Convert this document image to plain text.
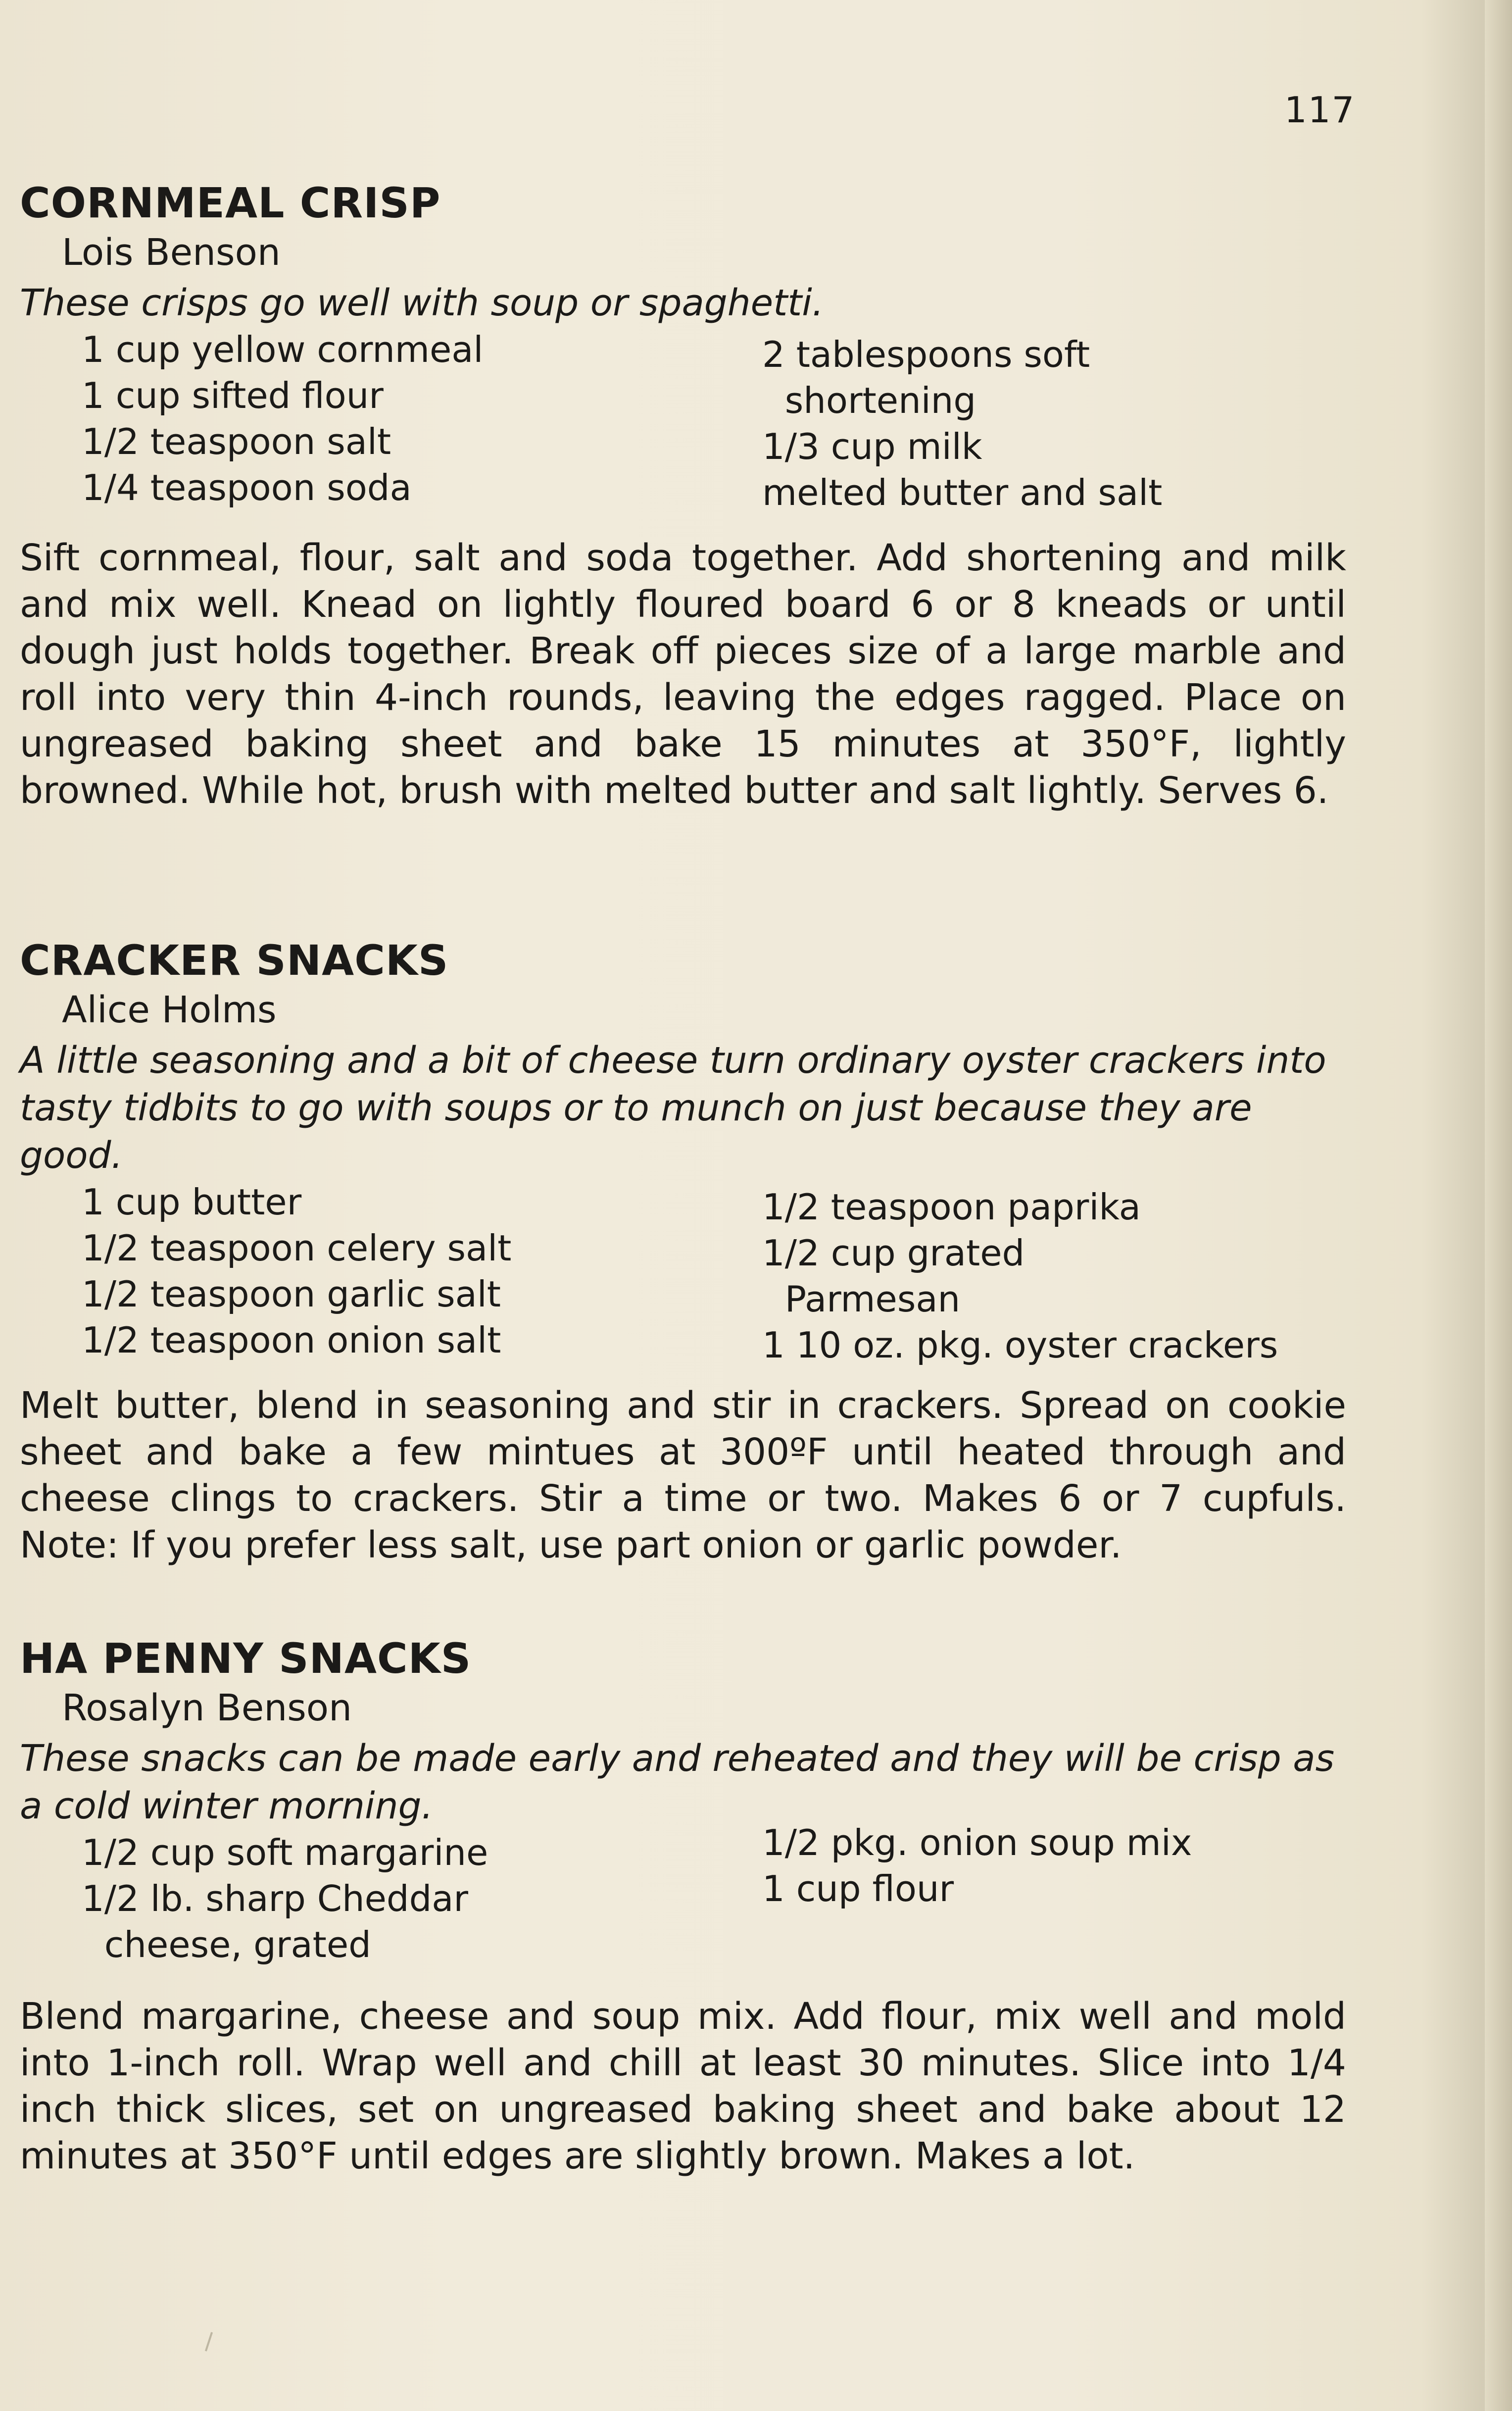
117
CORNMEAL CRISP
Lois Benson
These crisps go well with soup or spaghetti.
1 cup yellow cornmeal
1 cup sifted flour
1/2 teaspoon salt
1/4 teaspoon soda
2 tablespoons soft
shortening
1/3 cup milk
melted butter and salt
Sift cornmeal, flour, salt and soda together. Add shortening and milk and mix well. Knead on lightly floured board 6 or 8 kneads or until dough just holds together. Break off pieces size of a large marble and roll into very thin 4-inch rounds, leaving the edges ragged. Place on ungreased baking sheet and bake 15 minutes at 350°F, lightly browned. While hot, brush with melted butter and salt lightly. Serves 6.
CRACKER SNACKS
Alice Holms
A little seasoning and a bit of cheese turn ordinary oyster crackers into tasty tidbits to go with soups or to munch on just because they are good.
1 cup butter
1/2 teaspoon celery salt
1/2 teaspoon garlic salt
1/2 teaspoon onion salt
1/2 teaspoon paprika
1/2 cup grated
Parmesan
1 10 oz. pkg. oyster crackers
Melt butter, blend in seasoning and stir in crackers. Spread on cookie sheet and bake a few mintues at 300ºF until heated through and cheese clings to crackers. Stir a time or two. Makes 6 or 7 cupfuls. Note: If you prefer less salt, use part onion or garlic powder.
HA PENNY SNACKS
Rosalyn Benson
These snacks can be made early and reheated and they will be crisp as a cold winter morning.
1/2 cup soft margarine
1/2 lb. sharp Cheddar
cheese, grated
1/2 pkg. onion soup mix
1 cup flour
Blend margarine, cheese and soup mix. Add flour, mix well and mold into 1-inch roll. Wrap well and chill at least 30 minutes. Slice into 1/4 inch thick slices, set on ungreased baking sheet and bake about 12 minutes at 350°F until edges are slightly brown. Makes a lot.
